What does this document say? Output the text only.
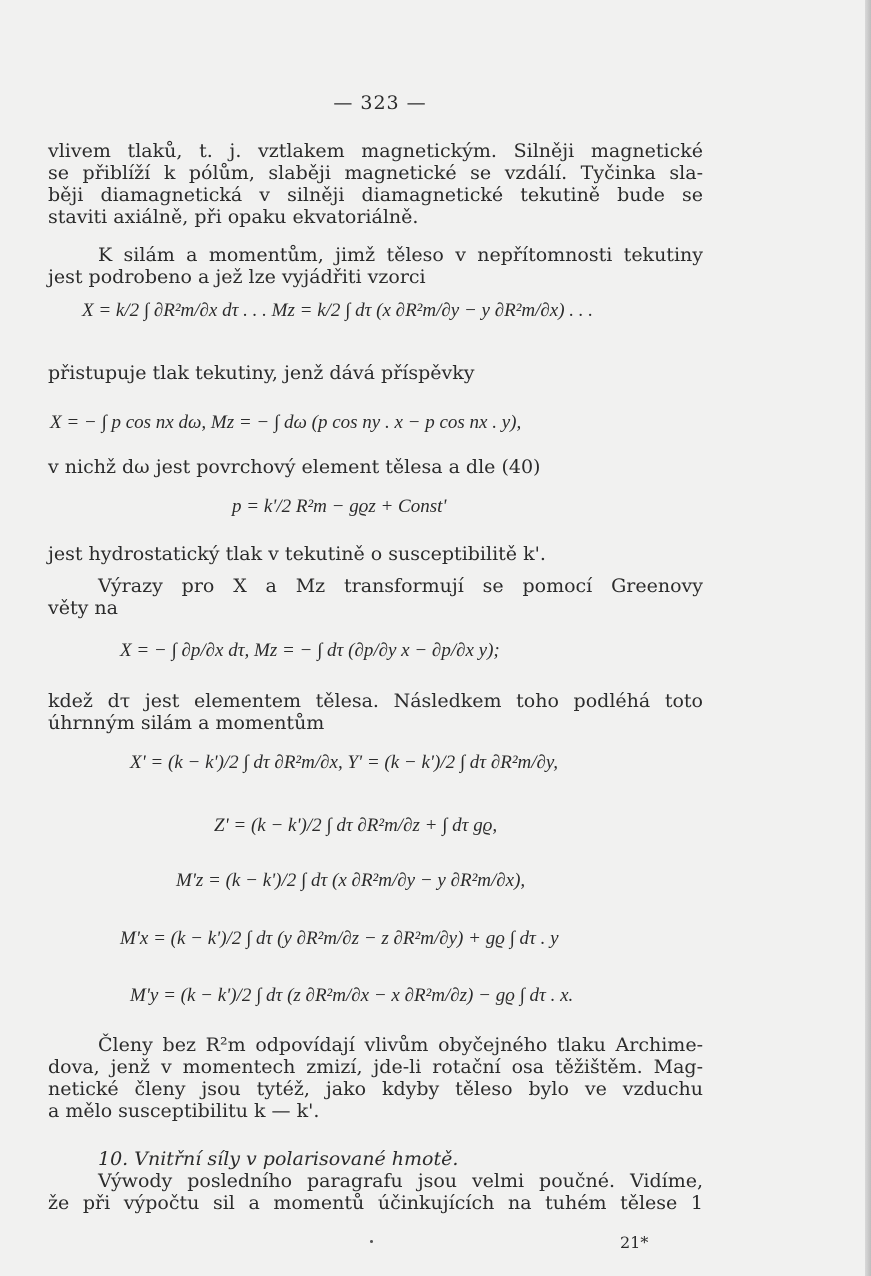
— 323 —

vlivem tlaků, t. j. vztlakem magnetickým. Silněji magnetické

se přiblíží k pólům, slaběji magnetické se vzdálí. Tyčinka sla-

běji diamagnetická v silněji diamagnetické tekutině bude se

staviti axiálně, při opaku ekvatoriálně.

K silám a momentům, jimž těleso v nepřítomnosti tekutiny

jest podrobeno a jež lze vyjádřiti vzorci

X = k/2 ∫ ∂R²m/∂x dτ . . . Mz = k/2 ∫ dτ (x ∂R²m/∂y − y ∂R²m/∂x) . . .

přistupuje tlak tekutiny, jenž dává příspěvky

X = − ∫ p cos nx dω, Mz = − ∫ dω (p cos ny . x − p cos nx . y),

v nichž dω jest povrchový element tělesa a dle (40)

p = k'/2 R²m − gϱz + Const'

jest hydrostatický tlak v tekutině o susceptibilitě k'.

Výrazy pro X a Mz transformují se pomocí Greenovy

věty na

X = − ∫ ∂p/∂x dτ, Mz = − ∫ dτ (∂p/∂y x − ∂p/∂x y);

kdež dτ jest elementem tělesa. Následkem toho podléhá toto

úhrnným silám a momentům

X' = (k − k')/2 ∫ dτ ∂R²m/∂x, Y' = (k − k')/2 ∫ dτ ∂R²m/∂y,
Z' = (k − k')/2 ∫ dτ ∂R²m/∂z + ∫ dτ gϱ,
M'z = (k − k')/2 ∫ dτ (x ∂R²m/∂y − y ∂R²m/∂x),
M'x = (k − k')/2 ∫ dτ (y ∂R²m/∂z − z ∂R²m/∂y) + gϱ ∫ dτ . y
M'y = (k − k')/2 ∫ dτ (z ∂R²m/∂x − x ∂R²m/∂z) − gϱ ∫ dτ . x.

Členy bez R²m odpovídají vlivům obyčejného tlaku Archime-

dova, jenž v momentech zmizí, jde-li rotační osa těžištěm. Mag-

netické členy jsou tytéž, jako kdyby těleso bylo ve vzduchu

a mělo susceptibilitu k — k'.

10. Vnitřní síly v polarisované hmotě.

Výwody posledního paragrafu jsou velmi poučné. Vidíme,

že při výpočtu sil a momentů účinkujících na tuhém tělese 1

21*
